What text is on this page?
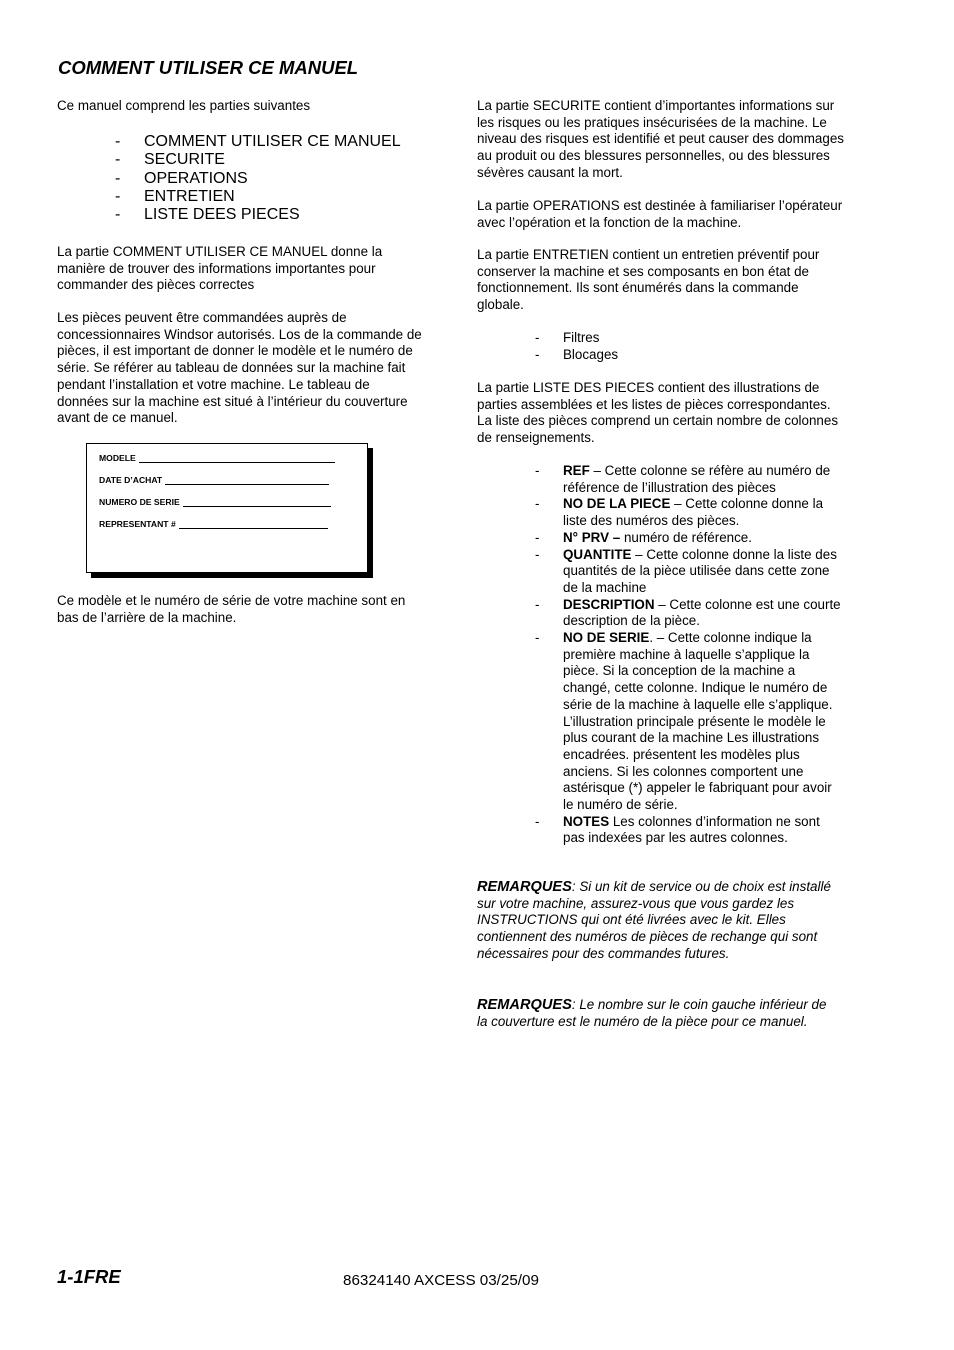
COMMENT UTILISER CE MANUEL

Ce manuel comprend les parties suivantes

-	COMMENT UTILISER CE MANUEL
-	SECURITE
-	OPERATIONS
-	ENTRETIEN
-	LISTE DEES PIECES

La partie COMMENT UTILISER CE MANUEL donne la manière de trouver des informations importantes pour commander des pièces correctes

Les pièces peuvent être commandées auprès de concessionnaires Windsor autorisés. Los de la commande de pièces, il est important de donner le modèle et le numéro de série. Se référer au tableau de données sur la machine fait pendant l’installation et votre machine. Le tableau de données sur la machine est situé à l’intérieur du couverture avant de ce manuel.

MODELE
DATE D’ACHAT
NUMERO DE SERIE
REPRESENTANT #

Ce modèle et le numéro de série de votre machine sont en bas de l’arrière de la machine.

La partie SECURITE contient d’importantes informations sur les risques ou les pratiques insécurisées de la machine. Le niveau des risques est identifié et peut causer des dommages au produit ou des blessures personnelles, ou des blessures sévères causant la mort.

La partie OPERATIONS est destinée à familiariser l’opérateur avec l’opération et la fonction de la machine.

La partie ENTRETIEN contient un entretien préventif pour conserver la machine et ses composants en bon état de fonctionnement. Ils sont énumérés dans la commande globale.

-	Filtres
-	Blocages

La partie LISTE DES PIECES contient des illustrations de parties assemblées et les listes de pièces correspondantes. La liste des pièces comprend un certain nombre de colonnes de renseignements.

-	REF – Cette colonne se réfère au numéro de référence de l’illustration des pièces
-	NO DE LA PIECE – Cette colonne donne la liste des numéros des pièces.
-	N° PRV – numéro de référence.
-	QUANTITE – Cette colonne donne la liste des quantités de la pièce utilisée dans cette zone de la machine
-	DESCRIPTION – Cette colonne est une courte description de la pièce.
-	NO DE SERIE. – Cette colonne indique la première machine à laquelle s’applique la pièce. Si la conception de la machine a changé, cette colonne. Indique le numéro de série de la machine à laquelle elle s’applique. L’illustration principale présente le modèle le plus courant de la machine Les illustrations encadrées. présentent les modèles plus anciens. Si les colonnes comportent une astérisque (*) appeler le fabriquant pour avoir le numéro de série.
-	NOTES Les colonnes d’information ne sont pas indexées par les autres colonnes.

REMARQUES: Si un kit de service ou de choix est installé sur votre machine, assurez-vous que vous gardez les INSTRUCTIONS qui ont été livrées avec le kit. Elles contiennent des numéros de pièces de rechange qui sont nécessaires pour des commandes futures.

REMARQUES: Le nombre sur le coin gauche inférieur de la couverture est le numéro de la pièce pour ce manuel.

1-1FRE	86324140 AXCESS 03/25/09
